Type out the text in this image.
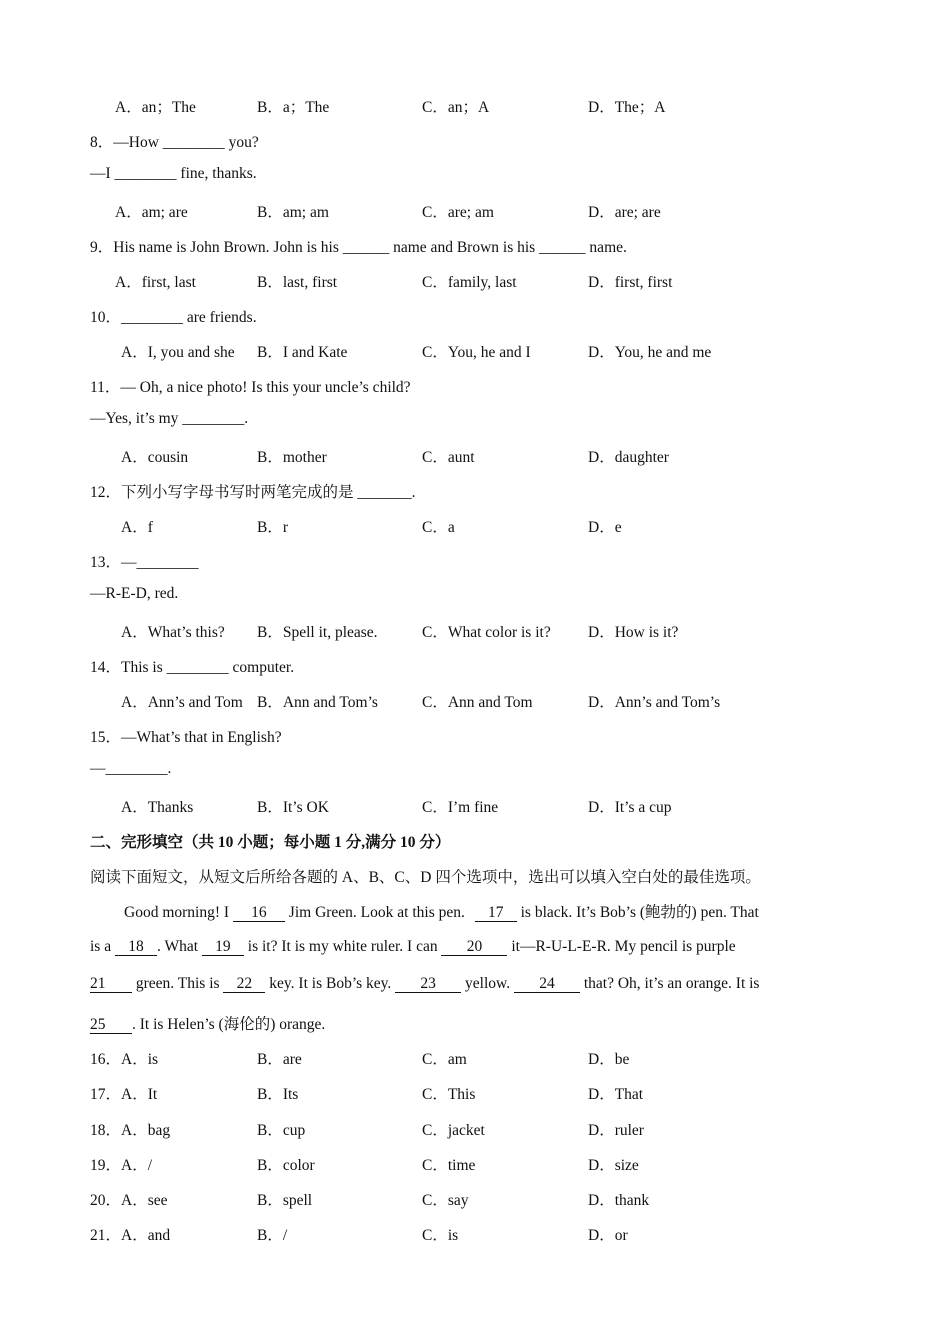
A．an；The	B．a；The	C．an；A	D．The；A
8．—How ________ you?
—I ________ fine, thanks.
A．am; are	B．am; am	C．are; am	D．are; are
9．His name is John Brown. John is his ______ name and Brown is his ______ name.
A．first, last	B．last, first	C．family, last	D．first, first
10．________ are friends.
A．I, you and she B．I and Kate	C．You, he and I	D．You, he and me
11．— Oh, a nice photo! Is this your uncle’s child?
—Yes, it’s my ________.
A．cousin	B．mother	C．aunt	D．daughter
12．下列小写字母书写时两笔完成的是 _______.
A．f	B．r	C．a	D．e
13．—________
—R-E-D, red.
A．What’s this? B．Spell it, please.	C．What color is it? D．How is it?
14．This is ________ computer.
A．Ann’s and Tom B．Ann and Tom’s	C．Ann and Tom	D．Ann’s and Tom’s
15．—What’s that in English?
—________.
A．Thanks	B．It’s OK	C．I’m fine	D．It’s a cup
二、完形填空（共 10 小题；每小题 1 分,满分 10 分）
阅读下面短文，从短文后所给各题的 A、B、C、D 四个选项中，选出可以填入空白处的最佳选项。
Good morning! I 16 Jim Green. Look at this pen. 17 is black. It’s Bob’s (鲍勃的) pen. That
is a 18 . What 19 is it? It is my white ruler. I can 20 it—R-U-L-E-R. My pencil is purple
21 green. This is 22 key. It is Bob’s key. 23 yellow. 24 that? Oh, it’s an orange. It is
25 . It is Helen’s (海伦的) orange.
16． A．is	B．are	C．am	D．be
17． A．It	B．Its	C．This	D．That
18． A．bag	B．cup	C．jacket	D．ruler
19． A．/	B．color	C．time	D．size
20． A．see	B．spell	C．say	D．thank
21． A．and	B．/	C．is	D．or
